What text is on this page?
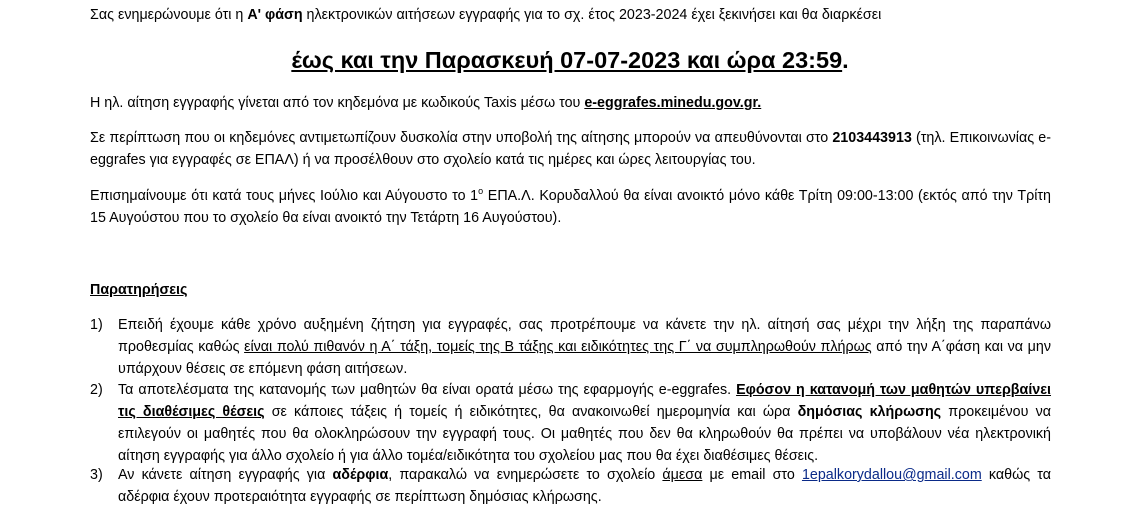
Σας ενημερώνουμε ότι η Α' φάση ηλεκτρονικών αιτήσεων εγγραφής για το σχ. έτος 2023-2024 έχει ξεκινήσει και θα διαρκέσει

έως και την Παρασκευή 07-07-2023 και ώρα 23:59.

Η ηλ. αίτηση εγγραφής γίνεται από τον κηδεμόνα με κωδικούς Taxis μέσω του e-eggrafes.minedu.gov.gr.

Σε περίπτωση που οι κηδεμόνες αντιμετωπίζουν δυσκολία στην υποβολή της αίτησης μπορούν να απευθύνονται στο 2103443913 (τηλ. Επικοινωνίας e-eggrafes για εγγραφές σε ΕΠΑΛ) ή να προσέλθουν στο σχολείο κατά τις ημέρες και ώρες λειτουργίας του.

Επισημαίνουμε ότι κατά τους μήνες Ιούλιο και Αύγουστο το $1^o$ ΕΠΑ.Λ. Κορυδαλλού θα είναι ανοικτό μόνο κάθε Τρίτη 09:00-13:00 (εκτός από την Τρίτη 15 Αυγούστου που το σχολείο θα είναι ανοικτό την Τετάρτη 16 Αυγούστου).

Παρατηρήσεις

1)	Επειδή έχουμε κάθε χρόνο αυξημένη ζήτηση για εγγραφές, σας προτρέπουμε να κάνετε την ηλ. αίτησή σας μέχρι την λήξη της παραπάνω προθεσμίας καθώς είναι πολύ πιθανόν η Α΄ τάξη, τομείς της Β τάξης και ειδικότητες της Γ΄ να συμπληρωθούν πλήρως από την Α΄φάση και να μην υπάρχουν θέσεις σε επόμενη φάση αιτήσεων.

2)	Τα αποτελέσματα της κατανομής των μαθητών θα είναι ορατά μέσω της εφαρμογής e-eggrafes. Εφόσον η κατανομή των μαθητών υπερβαίνει τις διαθέσιμες θέσεις σε κάποιες τάξεις ή τομείς ή ειδικότητες, θα ανακοινωθεί ημερομηνία και ώρα δημόσιας κλήρωσης προκειμένου να επιλεγούν οι μαθητές που θα ολοκληρώσουν την εγγραφή τους. Οι μαθητές που δεν θα κληρωθούν θα πρέπει να υποβάλουν νέα ηλεκτρονική αίτηση εγγραφής για άλλο σχολείο ή για άλλο τομέα/ειδικότητα του σχολείου μας που θα έχει διαθέσιμες θέσεις.

3)	Αν κάνετε αίτηση εγγραφής για αδέρφια, παρακαλώ να ενημερώσετε το σχολείο άμεσα με email στο 1epalkorydallou@gmail.com καθώς τα αδέρφια έχουν προτεραιότητα εγγραφής σε περίπτωση δημόσιας κλήρωσης.
